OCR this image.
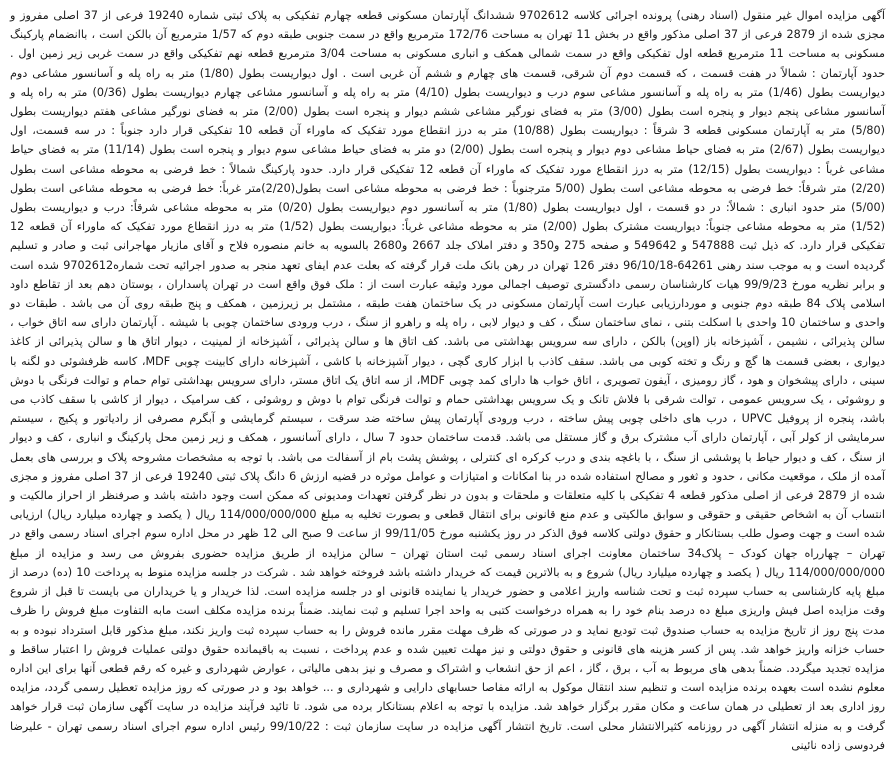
آگهی مزایده اموال غیر منقول (اسناد رهنی) پرونده اجرائی کلاسه 9702612 ششدانگ آپارتمان مسکونی قطعه چهارم تفکیکی به پلاک ثبتی شماره 19240 فرعی از 37 اصلی مفروز و مجزی شده از 2879 فرعی از 37 اصلی مذکور واقع در بخش 11 تهران به مساحت 172/76 مترمربع واقع در سمت جنوبی طبقه دوم که 1/57 مترمربع آن بالکن است ، باانضمام پارکینگ مسکونی به مساحت 11 مترمربع قطعه اول تفکیکی واقع در سمت شمالی همکف و انباری مسکونی به مساحت 3/04 مترمربع قطعه نهم تفکیکی واقع در سمت غربی زیر زمین اول . حدود آپارتمان : شمالاً در هفت قسمت ، که قسمت دوم آن شرقی، قسمت های چهارم و ششم آن غربی است . اول دیواریست بطول (1/80) متر به راه پله و آسانسور مشاعی دوم دیواریست بطول (1/46) متر به راه پله و آسانسور مشاعی سوم درب و دیواریست بطول (4/10) متر به راه پله و آسانسور مشاعی چهارم دیواریست بطول (0/36) متر به راه پله و آسانسور مشاعی پنجم دیوار و پنجره است بطول (3/00) متر به فضای نورگیر مشاعی ششم دیوار و پنجره است بطول (2/00) متر به فضای نورگیر مشاعی هفتم دیواریست بطول (5/80) متر به آپارتمان مسکونی قطعه 3 شرقاً : دیواریست بطول (10/88) متر به درز انقطاع مورد تفکیک که ماوراء آن قطعه 10 تفکیکی قرار دارد جنوباً : در سه قسمت، اول دیواریست بطول (2/67) متر به فضای حیاط مشاعی دوم دیوار و پنجره است بطول (2/00) دو متر به فضای حیاط مشاعی سوم دیوار و پنجره است بطول (11/14) متر به فضای حیاط مشاعی غرباً : دیواریست بطول (12/15) متر به درز انقطاع مورد تفکیک که ماوراء آن قطعه 12 تفکیکی قرار دارد. حدود پارکینگ شمالاً : خط فرضی به محوطه مشاعی است بطول (2/20) متر شرقاً: خط فرضی به محوطه مشاعی است بطول (5/00 مترجنوباً : خط فرضی به محوطه مشاعی است بطول(2/20)متر غرباً: خط فرضی به محوطه مشاعی است بطول (5/00) متر حدود انباری : شمالاً: در دو قسمت ، اول دیواریست بطول (1/80) متر به آسانسور دوم دیواریست بطول (0/20) متر به محوطه مشاعی شرقاً: درب و دیواریست بطول (1/52) متر به محوطه مشاعی جنوباً: دیواریست مشترک بطول (2/00) متر به محوطه مشاعی غرباً: دیواریست بطول (1/52) متر به درز انقطاع مورد تفکیک که ماوراء آن قطعه 12 تفکیکی قرار دارد. که ذیل ثبت 547888 و 549642 و صفحه 275 و350 و دفتر املاک جلد 2667 و2680 بالسویه به خانم منصوره فلاح و آقای مازیار مهاجرانی ثبت و صادر و تسلیم گردیده است و به موجب سند رهنی 64261-96/10/18 دفتر 126 تهران در رهن بانک ملت قرار گرفته که بعلت عدم ایفای تعهد منجر به صدور اجرائیه تحت شماره9702612 شده است و برابر نظریه مورخ 99/9/23 هیات کارشناسان رسمی دادگستری توصیف اجمالی مورد وثیقه عبارت است از : ملک فوق واقع است در تهران پاسداران ، بوستان دهم بعد از تقاطع داود اسلامی پلاک 84 طبقه دوم جنوبی و موردارزیابی عبارت است آپارتمان مسکونی در یک ساختمان هفت طبقه ، مشتمل بر زیرزمین ، همکف و پنج طبقه روی آن می باشد . طبقات دو واحدی و ساختمان 10 واحدی با اسکلت بتنی ، نمای ساختمان سنگ ، کف و دیوار لابی ، راه پله و راهرو از سنگ ، درب ورودی ساختمان چوبی با شیشه . آپارتمان دارای سه اتاق خواب ، سالن پذیرائی ، نشیمن ، آشپزخانه باز (اوپن) بالکن ، دارای سه سرویس بهداشتی می باشد. کف اتاق ها و سالن پذیرائی ، آشپزخانه از لمینیت ، دیوار اتاق ها و سالن پذیرائی از کاغذ دیواری ، بعضی قسمت ها گچ و رنگ و تخته کوبی می باشد. سقف کاذب با ابزار کاری گچی ، دیوار آشپزخانه با کاشی ، آشپزخانه دارای کابینت چوبی MDF، کاسه ظرفشوئی دو لگنه با سینی ، دارای پیشخوان و هود ، گاز رومیزی ، آیفون تصویری ، اتاق خواب ها دارای کمد چوبی MDF، از سه اتاق یک اتاق مستر، دارای سرویس بهداشتی توام حمام و توالت فرنگی با دوش و روشوئی ، یک سرویس عمومی ، توالت شرقی با فلاش تانک و یک سرویس بهداشتی حمام و توالت فرنگی توام با دوش و روشوئی ، کف سرامیک ، دیوار از کاشی با سقف کاذب می باشد، پنجره از پروفیل UPVC ، درب های داخلی چوبی پیش ساخته ، درب ورودی آپارتمان پیش ساخته ضد سرقت ، سیستم گرمایشی و آبگرم مصرفی از رادیاتور و پکیج ، سیستم سرمایشی از کولر آبی ، آپارتمان دارای آب مشترک برق و گاز مستقل می باشد. قدمت ساختمان حدود 7 سال ، دارای آسانسور ، همکف و زیر زمین محل پارکینگ و انباری ، کف و دیوار از سنگ ، کف و دیوار حیاط با پوششی از سنگ ، با باغچه بندی و درب کرکره ای کنترلی ، پوشش پشت بام از آسفالت می باشد. با توجه به مشخصات مشروحه پلاک و بررسی های بعمل آمده از ملک ، موقعیت مکانی ، حدود و ثغور و مصالح استفاده شده در بنا امکانات و امتیازات و عوامل موثره در قضیه ارزش 6 دانگ پلاک ثبتی 19240 فرعی از 37 اصلی مفروز و مجزی شده از 2879 فرعی از اصلی مذکور قطعه 4 تفکیکی با کلیه متعلقات و ملحقات و بدون در نظر گرفتن تعهدات ومدیونی که ممکن است وجود داشته باشد و صرفنظر از احراز مالکیت و انتساب آن به اشخاص حقیقی و حقوقی و سوابق مالکیتی و عدم منع قانونی برای انتقال قطعی و بصورت تخلیه به مبلغ 114/000/000/000 ریال ( یکصد و چهارده میلیارد ریال) ارزیابی شده است و جهت وصول طلب بستانکار و حقوق دولتی کلاسه فوق الذکر در روز یکشنبه مورخ 99/11/05 از ساعت 9 صبح الی 12 ظهر در محل اداره سوم اجرای اسناد رسمی واقع در تهران – چهارراه جهان کودک – پلاک34 ساختمان معاونت اجرای اسناد رسمی ثبت استان تهران – سالن مزایده از طریق مزایده حضوری بفروش می رسد و مزایده از مبلغ 114/000/000/000 ریال ( یکصد و چهارده میلیارد ریال) شروع و به بالاترین قیمت که خریدار داشته باشد فروخته خواهد شد . شرکت در جلسه مزایده منوط به پرداخت 10 (ده) درصد از مبلغ پایه کارشناسی به حساب سپرده ثبت و تحت شناسه واریز اعلامی و حضور خریدار یا نماینده قانونی او در جلسه مزایده است. لذا خریدار و یا خریداران می بایست تا قبل از شروع وقت مزایده اصل فیش واریزی مبلغ ده درصد بنام خود را به همراه درخواست کتبی به واحد اجرا تسلیم و ثبت نمایند. ضمناً برنده مزایده مکلف است مابه التفاوت مبلغ فروش را ظرف مدت پنج روز از تاریخ مزایده به حساب صندوق ثبت تودیع نماید و در صورتی که ظرف مهلت مقرر مانده فروش را به حساب سپرده ثبت واریز نکند، مبلغ مذکور قابل استرداد نبوده و به حساب خزانه واریز خواهد شد. پس از کسر هزینه های قانونی و حقوق دولتی و نیز مهلت تعیین شده و عدم پرداخت ، نسبت به باقیمانده حقوق دولتی عملیات فروش را اعتبار ساقط و مزایده تجدید میگردد. ضمناً بدهی های مربوط به آب ، برق ، گاز ، اعم از حق انشعاب و اشتراک و مصرف و نیز بدهی مالیاتی ، عوارض شهرداری و غیره که رقم قطعی آنها برای این اداره معلوم نشده است بعهده برنده مزایده است و تنظیم سند انتقال موکول به ارائه مفاصا حسابهای دارایی و شهرداری و ... خواهد بود و در صورتی که روز مزایده تعطیل رسمی گردد، مزایده روز اداری بعد از تعطیلی در همان ساعت و مکان مقرر برگزار خواهد شد. مزایده با توجه به اعلام بستانکار برده می شود. تا تائید فرآیند مزایده در سایت آگهی سازمان ثبت قرار خواهد گرفت و به منزله انتشار آگهی در روزنامه کثیرالانتشار محلی است. تاریخ انتشار آگهی مزایده در سایت سازمان ثبت : 99/10/22 رئیس اداره سوم اجرای اسناد رسمی تهران - علیرضا فردوسی زاده نائینی
